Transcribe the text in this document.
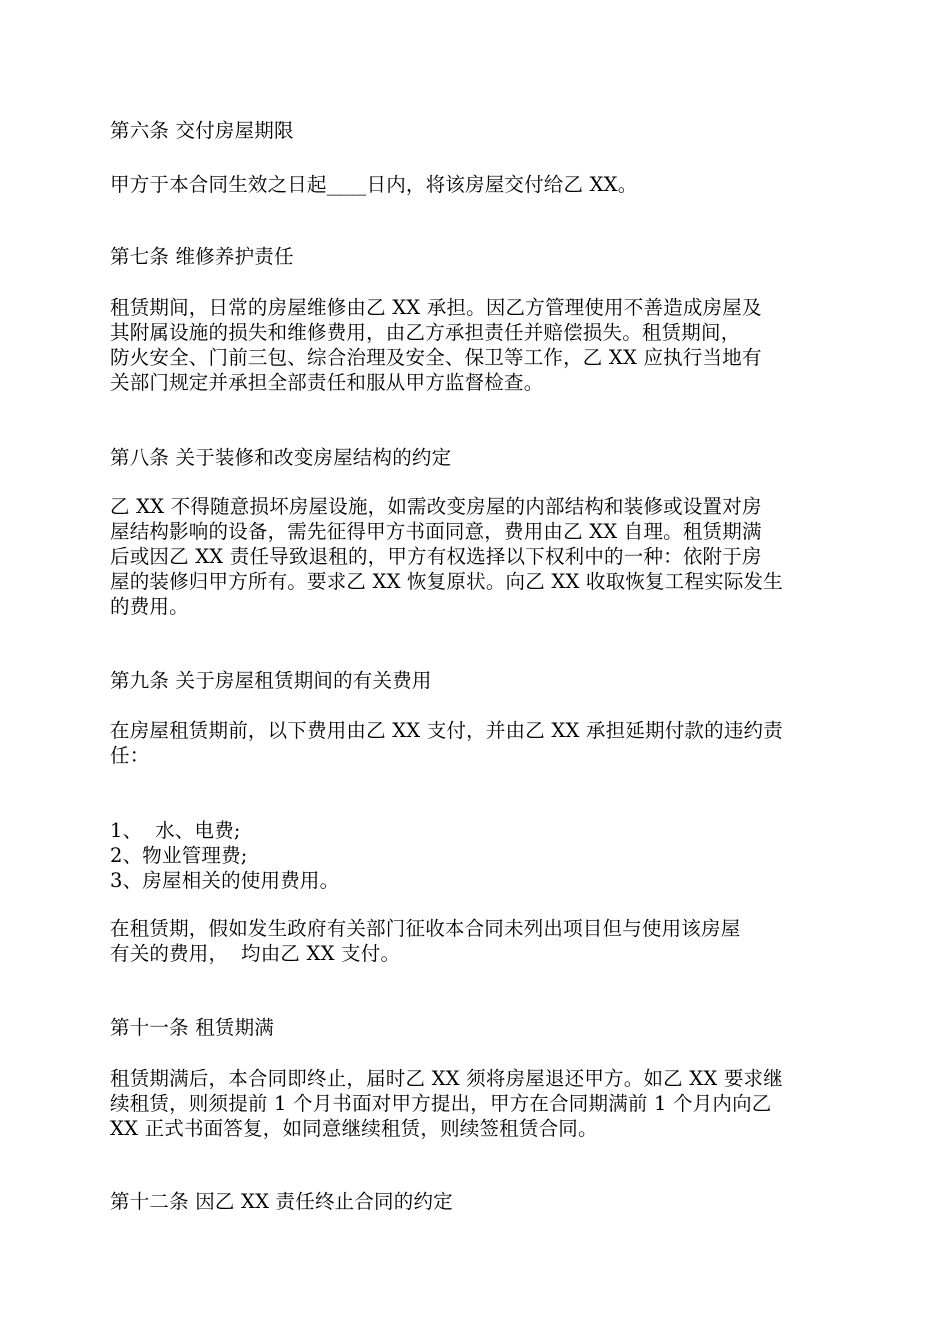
第六条 交付房屋期限
甲方于本合同生效之日起____日内，将该房屋交付给乙 XX。
第七条 维修养护责任
租赁期间，日常的房屋维修由乙 XX 承担。因乙方管理使用不善造成房屋及
其附属设施的损失和维修费用，由乙方承担责任并赔偿损失。租赁期间，
防火安全、门前三包、综合治理及安全、保卫等工作，乙 XX 应执行当地有
关部门规定并承担全部责任和服从甲方监督检查。
第八条 关于装修和改变房屋结构的约定
乙 XX 不得随意损坏房屋设施，如需改变房屋的内部结构和装修或设置对房
屋结构影响的设备，需先征得甲方书面同意，费用由乙 XX 自理。租赁期满
后或因乙 XX 责任导致退租的，甲方有权选择以下权利中的一种：依附于房
屋的装修归甲方所有。要求乙 XX 恢复原状。向乙 XX 收取恢复工程实际发生
的费用。
第九条 关于房屋租赁期间的有关费用
在房屋租赁期前，以下费用由乙 XX 支付，并由乙 XX 承担延期付款的违约责
任：
1、  水、电费;
2、物业管理费;
3、房屋相关的使用费用。
在租赁期，假如发生政府有关部门征收本合同未列出项目但与使用该房屋
有关的费用，  均由乙 XX 支付。
第十一条 租赁期满
租赁期满后，本合同即终止，届时乙 XX 须将房屋退还甲方。如乙 XX 要求继
续租赁，则须提前 1 个月书面对甲方提出，甲方在合同期满前 1 个月内向乙
XX 正式书面答复，如同意继续租赁，则续签租赁合同。
第十二条 因乙 XX 责任终止合同的约定
